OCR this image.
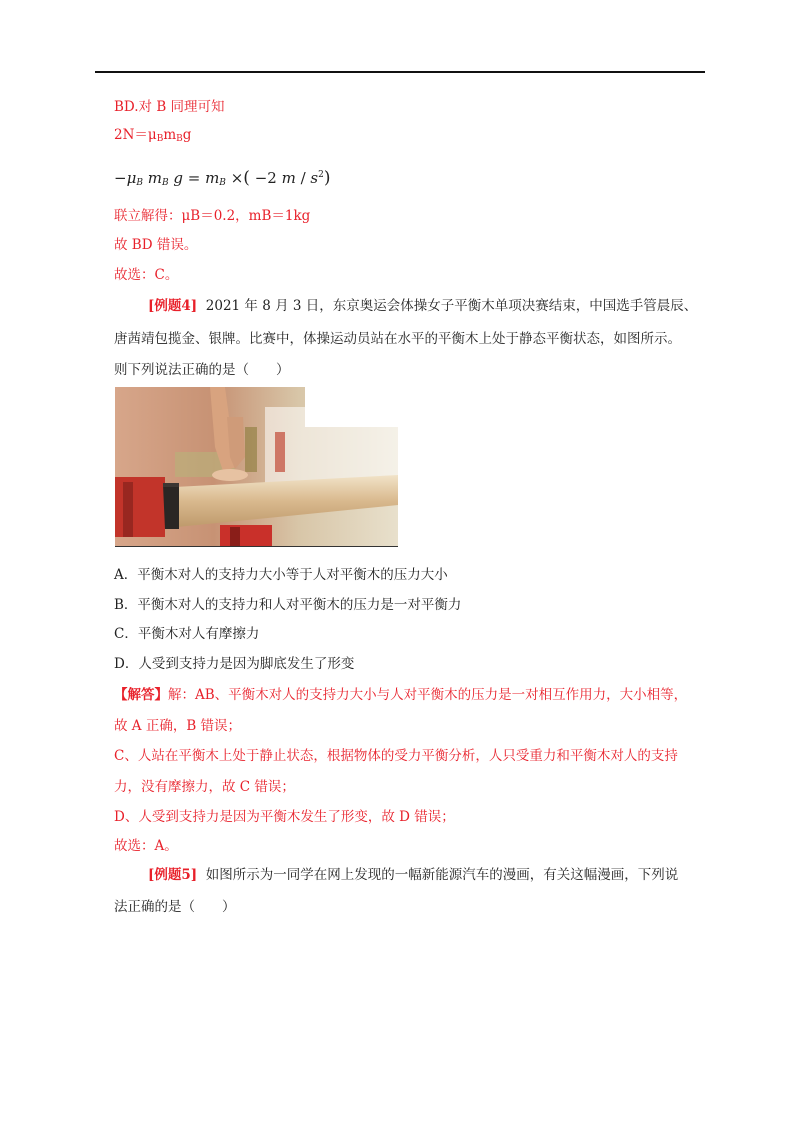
BD.对 B 同理可知
$2N=\mu_Bm_Bg$
$-\mu_B$ $m_B$ $g = m_B$ ×( −2 m / $s^2$)
联立解得：μB＝0.2，mB＝1kg
故 BD 错误。
故选：C。
[例题4] 2021 年 8 月 3 日，东京奥运会体操女子平衡木单项决赛结束，中国选手管晨辰、
唐茜靖包揽金、银牌。比赛中，体操运动员站在水平的平衡木上处于静态平衡状态，如图所示。
则下列说法正确的是（　　）
A．平衡木对人的支持力大小等于人对平衡木的压力大小
B．平衡木对人的支持力和人对平衡木的压力是一对平衡力
C．平衡木对人有摩擦力
D．人受到支持力是因为脚底发生了形变
【解答】解：AB、平衡木对人的支持力大小与人对平衡木的压力是一对相互作用力，大小相等，
故 A 正确，B 错误；
C、人站在平衡木上处于静止状态，根据物体的受力平衡分析，人只受重力和平衡木对人的支持
力，没有摩擦力，故 C 错误；
D、人受到支持力是因为平衡木发生了形变，故 D 错误；
故选：A。
[例题5] 如图所示为一同学在网上发现的一幅新能源汽车的漫画，有关这幅漫画，下列说
法正确的是（　　）
